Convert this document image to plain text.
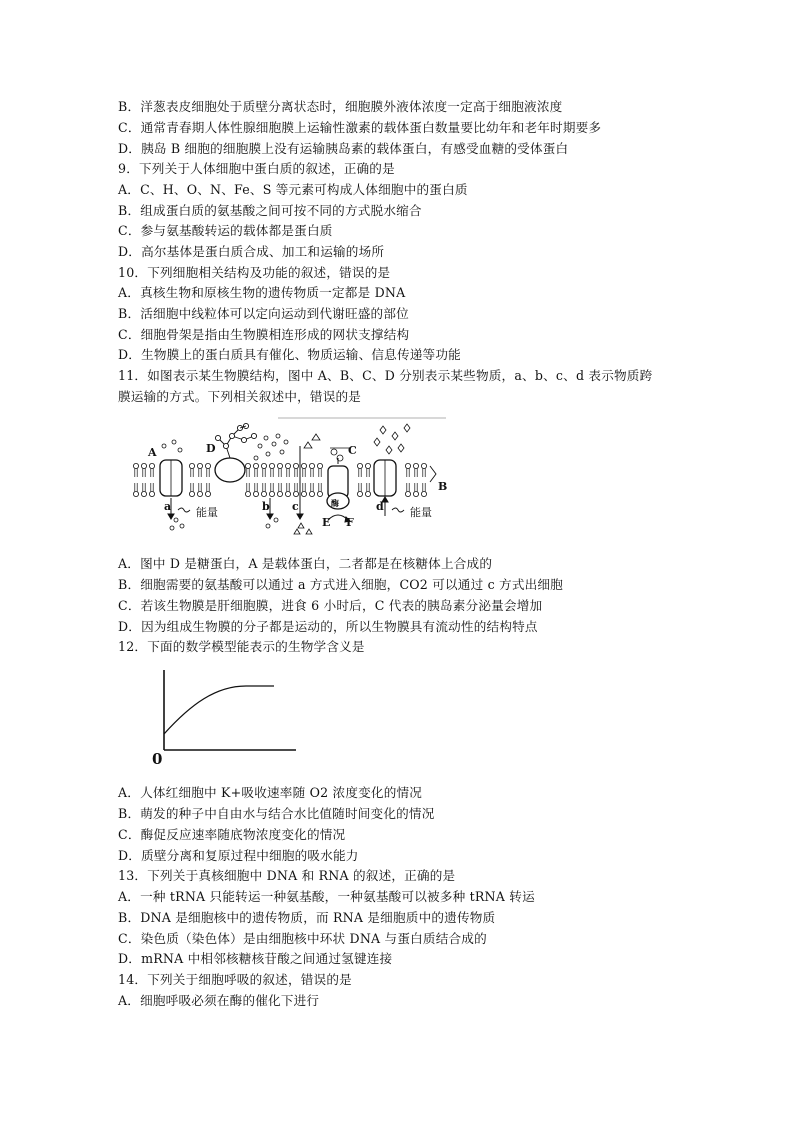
B．洋葱表皮细胞处于质壁分离状态时，细胞膜外液体浓度一定高于细胞液浓度
C．通常青春期人体性腺细胞膜上运输性激素的载体蛋白数量要比幼年和老年时期要多
D．胰岛 B 细胞的细胞膜上没有运输胰岛素的载体蛋白，有感受血糖的受体蛋白
9．下列关于人体细胞中蛋白质的叙述，正确的是
A．C、H、O、N、Fe、S 等元素可构成人体细胞中的蛋白质
B．组成蛋白质的氨基酸之间可按不同的方式脱水缩合
C．参与氨基酸转运的载体都是蛋白质
D．高尔基体是蛋白质合成、加工和运输的场所
10．下列细胞相关结构及功能的叙述，错误的是
A．真核生物和原核生物的遗传物质一定都是 DNA
B．活细胞中线粒体可以定向运动到代谢旺盛的部位
C．细胞骨架是指由生物膜相连形成的网状支撑结构
D．生物膜上的蛋白质具有催化、物质运输、信息传递等功能
11．如图表示某生物膜结构，图中 A、B、C、D 分别表示某些物质，a、b、c、d 表示物质跨
膜运输的方式。下列相关叙述中，错误的是
A	D	C
B
E F
a	b c	d
能量	能量
酶
A．图中 D 是糖蛋白，A 是载体蛋白，二者都是在核糖体上合成的
B．细胞需要的氨基酸可以通过 a 方式进入细胞，CO2 可以通过 c 方式出细胞
C．若该生物膜是肝细胞膜，进食 6 小时后，C 代表的胰岛素分泌量会增加
D．因为组成生物膜的分子都是运动的，所以生物膜具有流动性的结构特点
12．下面的数学模型能表示的生物学含义是
0
A．人体红细胞中 K+吸收速率随 O2 浓度变化的情况
B．萌发的种子中自由水与结合水比值随时间变化的情况
C．酶促反应速率随底物浓度变化的情况
D．质壁分离和复原过程中细胞的吸水能力
13．下列关于真核细胞中 DNA 和 RNA 的叙述，正确的是
A．一种 tRNA 只能转运一种氨基酸，一种氨基酸可以被多种 tRNA 转运
B．DNA 是细胞核中的遗传物质，而 RNA 是细胞质中的遗传物质
C．染色质（染色体）是由细胞核中环状 DNA 与蛋白质结合成的
D．mRNA 中相邻核糖核苷酸之间通过氢键连接
14．下列关于细胞呼吸的叙述，错误的是
A．细胞呼吸必须在酶的催化下进行
